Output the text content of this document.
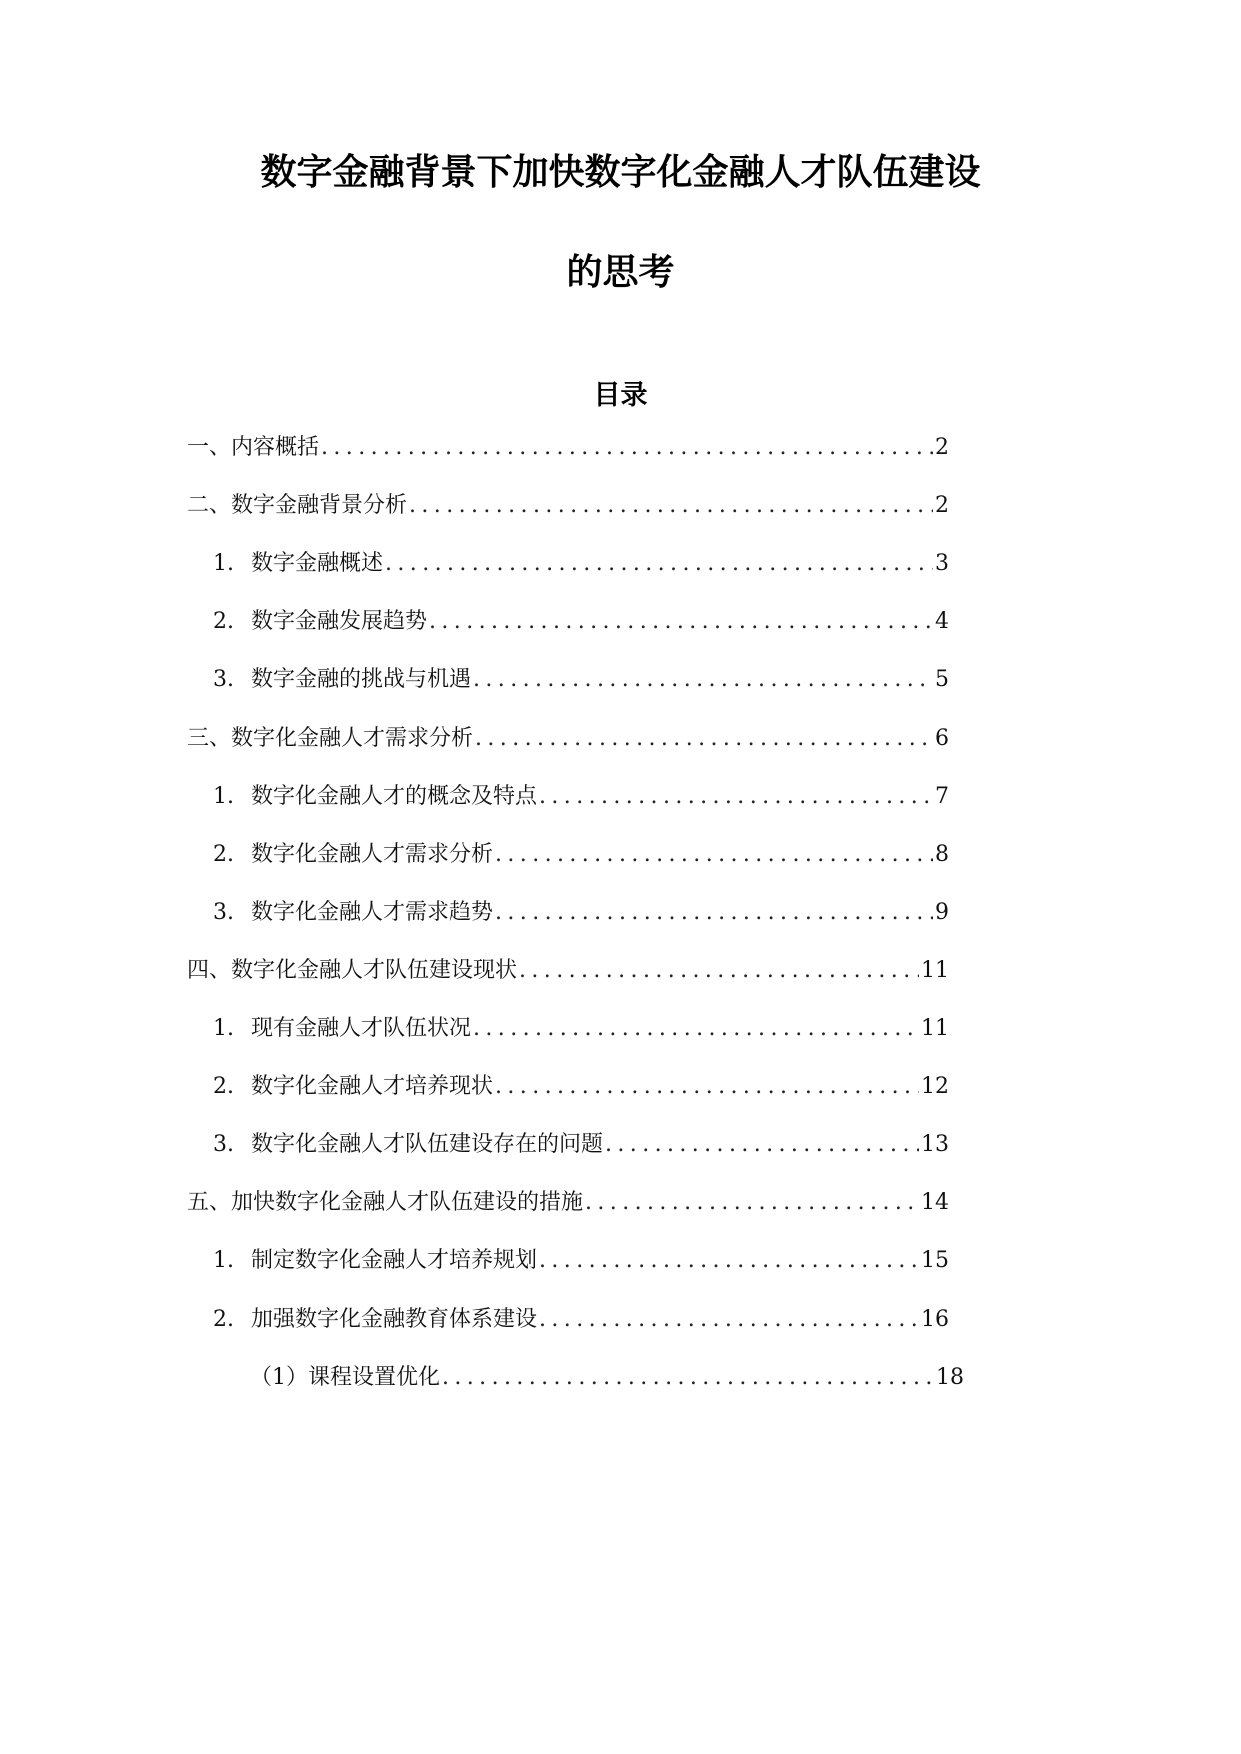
数字金融背景下加快数字化金融人才队伍建设
的思考
目录
一、内容概括 .....	2
二、数字金融背景分析 .....	2
1. 数字金融概述 .....	3
2. 数字金融发展趋势 .....	4
3. 数字金融的挑战与机遇 .....	5
三、数字化金融人才需求分析 .....	6
1. 数字化金融人才的概念及特点 .....	7
2. 数字化金融人才需求分析 .....	8
3. 数字化金融人才需求趋势 .....	9
四、数字化金融人才队伍建设现状 .....	11
1. 现有金融人才队伍状况 .....	11
2. 数字化金融人才培养现状 .....	12
3. 数字化金融人才队伍建设存在的问题 .....	13
五、加快数字化金融人才队伍建设的措施 .....	14
1. 制定数字化金融人才培养规划 .....	15
2. 加强数字化金融教育体系建设 .....	16
（1）课程设置优化 .....	18
